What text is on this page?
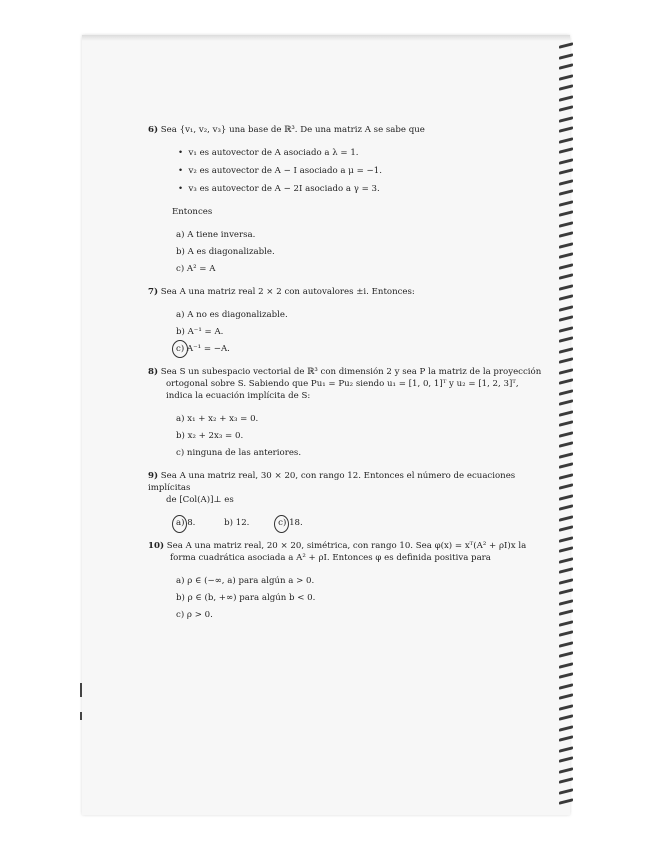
6) Sea {v₁, v₂, v₃} una base de ℝ³. De una matriz A se sabe que
•  v₁ es autovector de A asociado a λ = 1.
•  v₂ es autovector de A − I asociado a μ = −1.
•  v₃ es autovector de A − 2I asociado a γ = 3.
Entonces
a) A tiene inversa.
b) A es diagonalizable.
c) A² = A
7) Sea A una matriz real 2 × 2 con autovalores ±i. Entonces:
a) A no es diagonalizable.
b) A⁻¹ = A.
c) A⁻¹ = −A.
8) Sea S un subespacio vectorial de ℝ³ con dimensión 2 y sea P la matriz de la proyección
ortogonal sobre S. Sabiendo que Pu₁ = Pu₂ siendo u₁ = [1, 0, 1]ᵀ y u₂ = [1, 2, 3]ᵀ,
indica la ecuación implícita de S:
a) x₁ + x₂ + x₃ = 0.
b) x₂ + 2x₃ = 0.
c) ninguna de las anteriores.
9) Sea A una matriz real, 30 × 20, con rango 12. Entonces el número de ecuaciones implícitas
de [Col(A)]⊥ es
a) 8.	b) 12.	c) 18.
10) Sea A una matriz real, 20 × 20, simétrica, con rango 10. Sea φ(x) = xᵀ(A² + ρI)x la
forma cuadrática asociada a A² + ρI. Entonces φ es definida positiva para
a) ρ ∈ (−∞, a) para algún a > 0.
b) ρ ∈ (b, +∞) para algún b < 0.
c) ρ > 0.
